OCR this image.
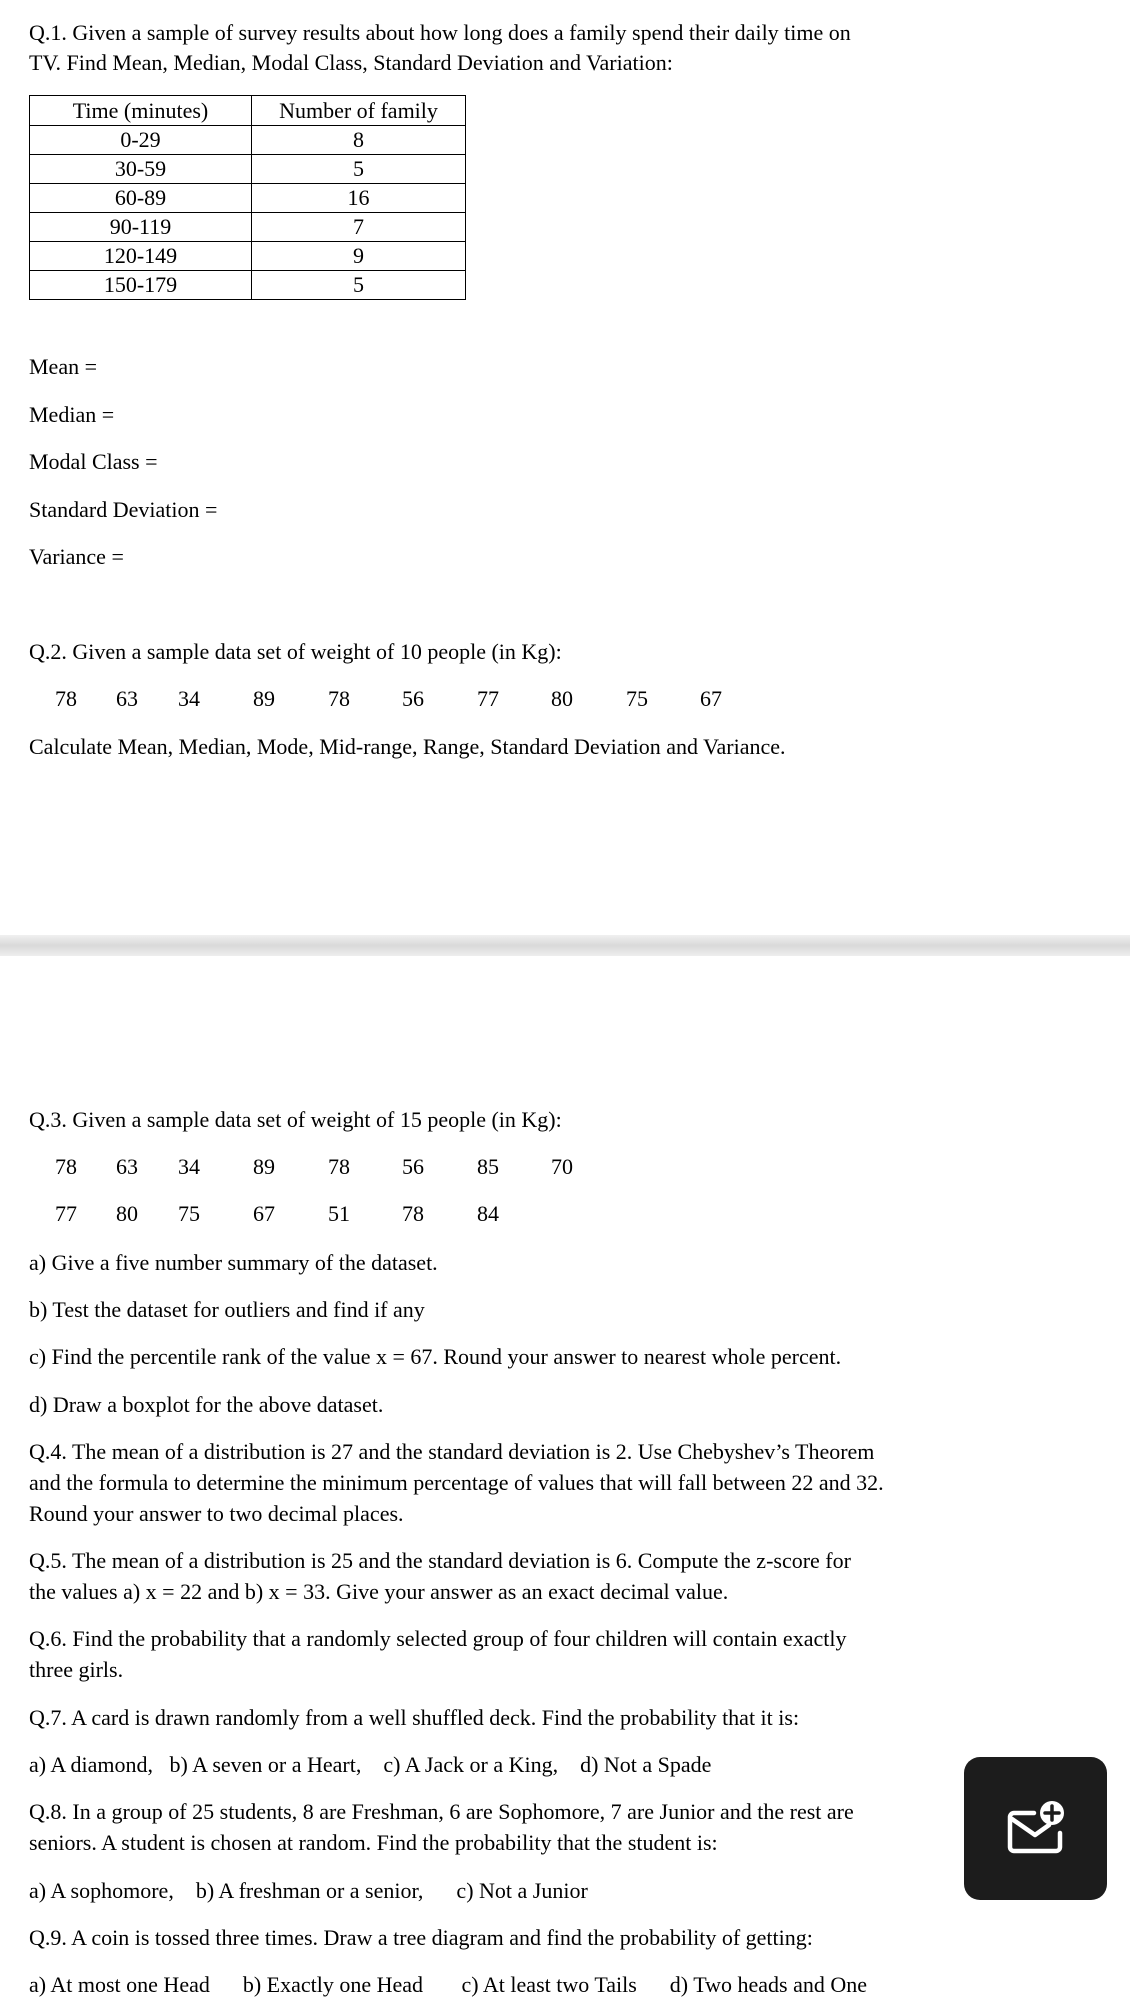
Q.1. Given a sample of survey results about how long does a family spend their daily time on

TV. Find Mean, Median, Modal Class, Standard Deviation and Variation:

Time (minutes)	Number of family
0-29	8
30-59	5
60-89	16
90-119	7
120-149	9
150-179	5

Mean =

Median =

Modal Class =

Standard Deviation =

Variance =

Q.2. Given a sample data set of weight of 10 people (in Kg):

78 63 34 89 78 56 77 80 75 67

Calculate Mean, Median, Mode, Mid-range, Range, Standard Deviation and Variance.

Q.3. Given a sample data set of weight of 15 people (in Kg):

78 63 34 89 78 56 85 70
77 80 75 67 51 78 84

a) Give a five number summary of the dataset.

b) Test the dataset for outliers and find if any

c) Find the percentile rank of the value x = 67. Round your answer to nearest whole percent.

d) Draw a boxplot for the above dataset.

Q.4. The mean of a distribution is 27 and the standard deviation is 2. Use Chebyshev’s Theorem

and the formula to determine the minimum percentage of values that will fall between 22 and 32.

Round your answer to two decimal places.

Q.5. The mean of a distribution is 25 and the standard deviation is 6. Compute the z-score for

the values a) x = 22 and b) x = 33. Give your answer as an exact decimal value.

Q.6. Find the probability that a randomly selected group of four children will contain exactly

three girls.

Q.7. A card is drawn randomly from a well shuffled deck. Find the probability that it is:

a) A diamond,   b) A seven or a Heart,    c) A Jack or a King,    d) Not a Spade

Q.8. In a group of 25 students, 8 are Freshman, 6 are Sophomore, 7 are Junior and the rest are

seniors. A student is chosen at random. Find the probability that the student is:

a) A sophomore,    b) A freshman or a senior,      c) Not a Junior

Q.9. A coin is tossed three times. Draw a tree diagram and find the probability of getting:

a) At most one Head      b) Exactly one Head       c) At least two Tails      d) Two heads and One
